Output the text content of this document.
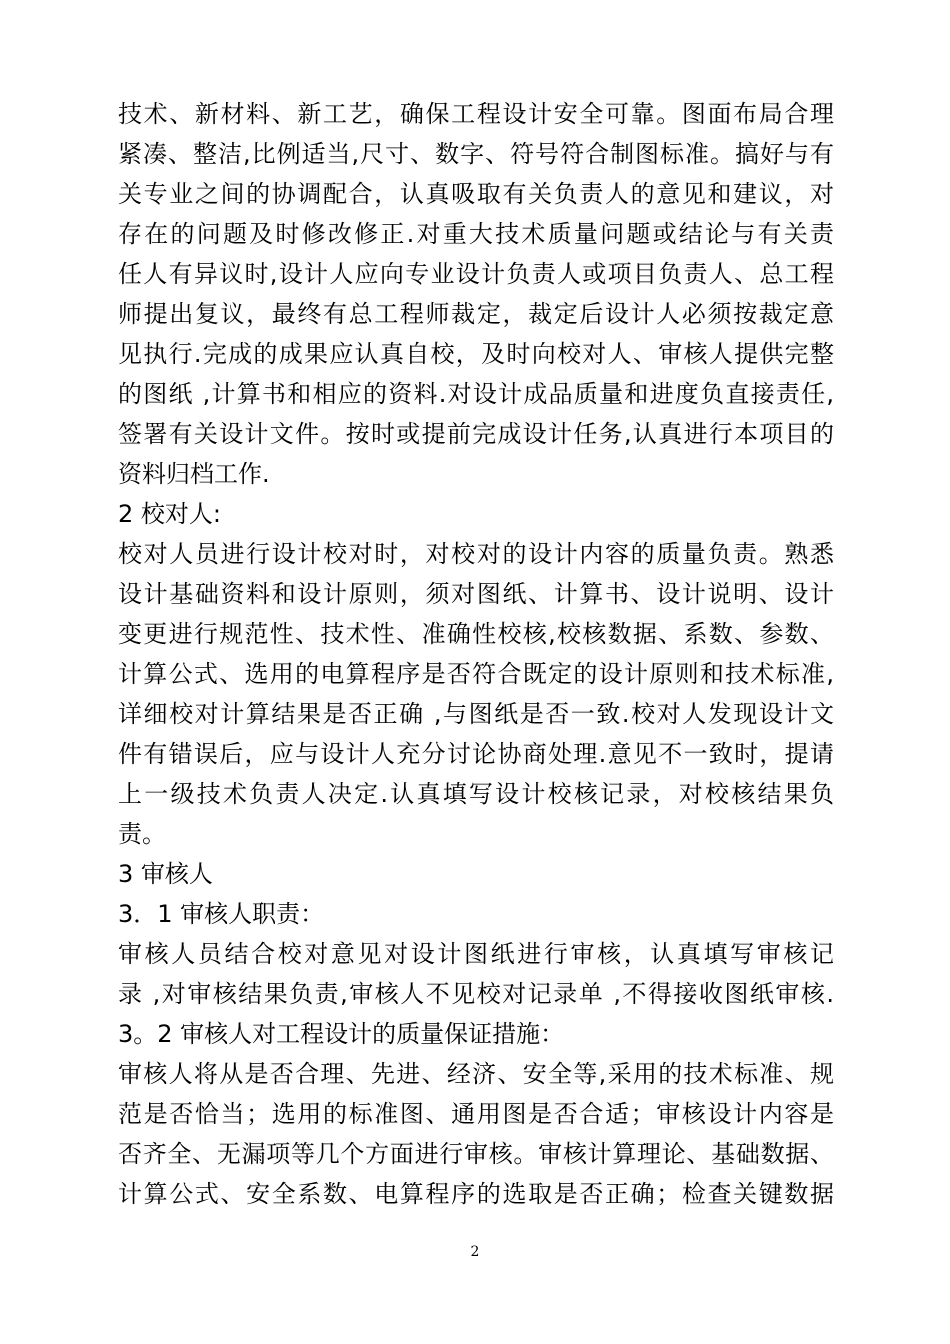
技术、新材料、新工艺，确保工程设计安全可靠。图面布局合理
紧凑、整洁,比例适当,尺寸、数字、符号符合制图标准。搞好与有
关专业之间的协调配合，认真吸取有关负责人的意见和建议，对
存在的问题及时修改修正.对重大技术质量问题或结论与有关责
任人有异议时,设计人应向专业设计负责人或项目负责人、总工程
师提出复议，最终有总工程师裁定，裁定后设计人必须按裁定意
见执行.完成的成果应认真自校，及时向校对人、审核人提供完整
的图纸 ,计算书和相应的资料.对设计成品质量和进度负直接责任,
签署有关设计文件。按时或提前完成设计任务,认真进行本项目的
资料归档工作.
2 校对人:
校对人员进行设计校对时，对校对的设计内容的质量负责。熟悉
设计基础资料和设计原则，须对图纸、计算书、设计说明、设计
变更进行规范性、技术性、准确性校核,校核数据、系数、参数、
计算公式、选用的电算程序是否符合既定的设计原则和技术标准,
详细校对计算结果是否正确 ,与图纸是否一致.校对人发现设计文
件有错误后，应与设计人充分讨论协商处理.意见不一致时，提请
上一级技术负责人决定.认真填写设计校核记录，对校核结果负
责。
3 审核人
3．1 审核人职责：
审核人员结合校对意见对设计图纸进行审核，认真填写审核记
录 ,对审核结果负责,审核人不见校对记录单 ,不得接收图纸审核.
3。2 审核人对工程设计的质量保证措施：
审核人将从是否合理、先进、经济、安全等,采用的技术标准、规
范是否恰当；选用的标准图、通用图是否合适；审核设计内容是
否齐全、无漏项等几个方面进行审核。审核计算理论、基础数据、
计算公式、安全系数、电算程序的选取是否正确；检查关键数据
2
